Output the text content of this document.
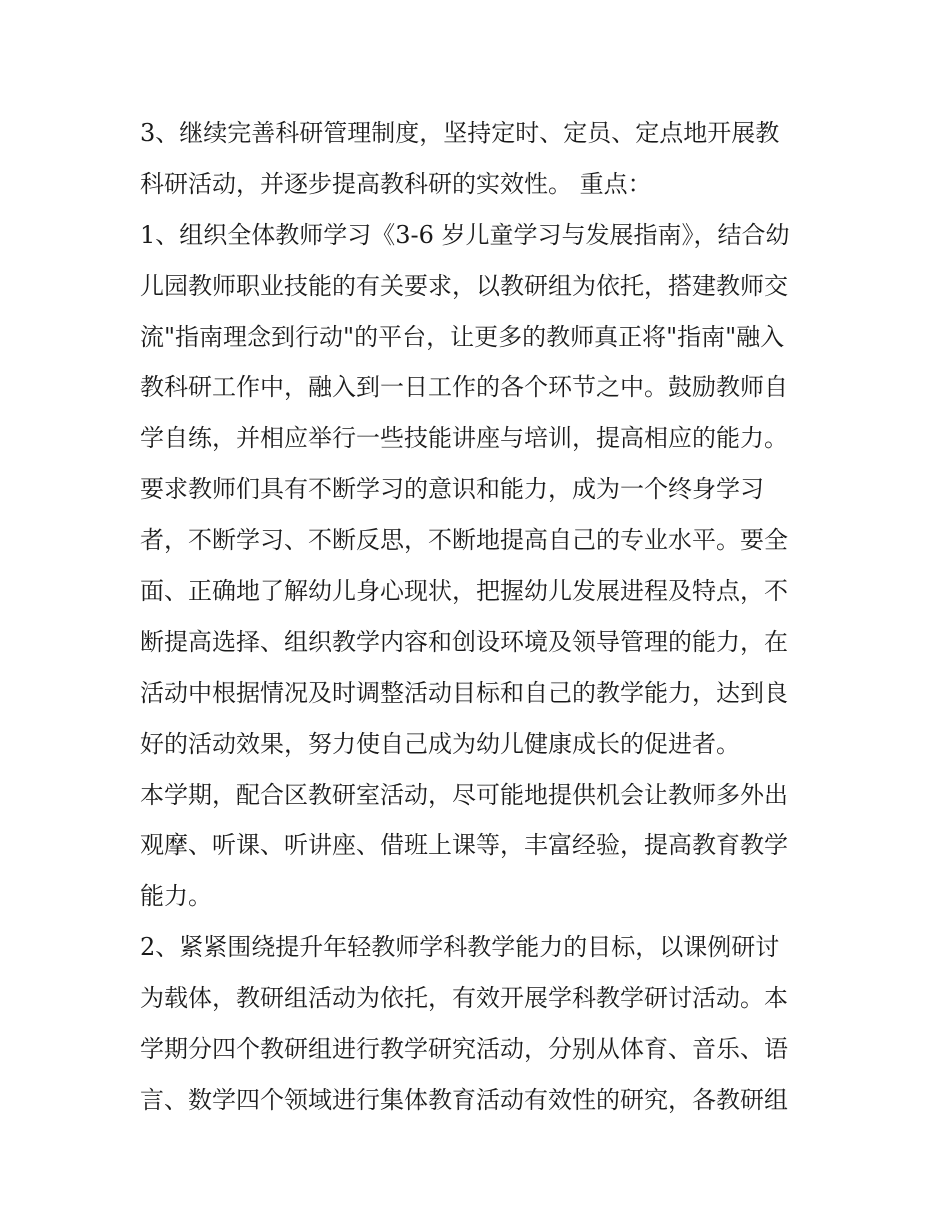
3、继续完善科研管理制度，坚持定时、定员、定点地开展教
科研活动，并逐步提高教科研的实效性。 重点：
1、组织全体教师学习《3-6 岁儿童学习与发展指南》，结合幼
儿园教师职业技能的有关要求，以教研组为依托，搭建教师交
流"指南理念到行动"的平台，让更多的教师真正将"指南"融入
教科研工作中，融入到一日工作的各个环节之中。鼓励教师自
学自练，并相应举行一些技能讲座与培训，提高相应的能力。
要求教师们具有不断学习的意识和能力，成为一个终身学习
者，不断学习、不断反思，不断地提高自己的专业水平。要全
面、正确地了解幼儿身心现状，把握幼儿发展进程及特点，不
断提高选择、组织教学内容和创设环境及领导管理的能力，在
活动中根据情况及时调整活动目标和自己的教学能力，达到良
好的活动效果，努力使自己成为幼儿健康成长的促进者。
本学期，配合区教研室活动，尽可能地提供机会让教师多外出
观摩、听课、听讲座、借班上课等，丰富经验，提高教育教学
能力。
2、紧紧围绕提升年轻教师学科教学能力的目标，以课例研讨
为载体，教研组活动为依托，有效开展学科教学研讨活动。本
学期分四个教研组进行教学研究活动，分别从体育、音乐、语
言、数学四个领域进行集体教育活动有效性的研究，各教研组
